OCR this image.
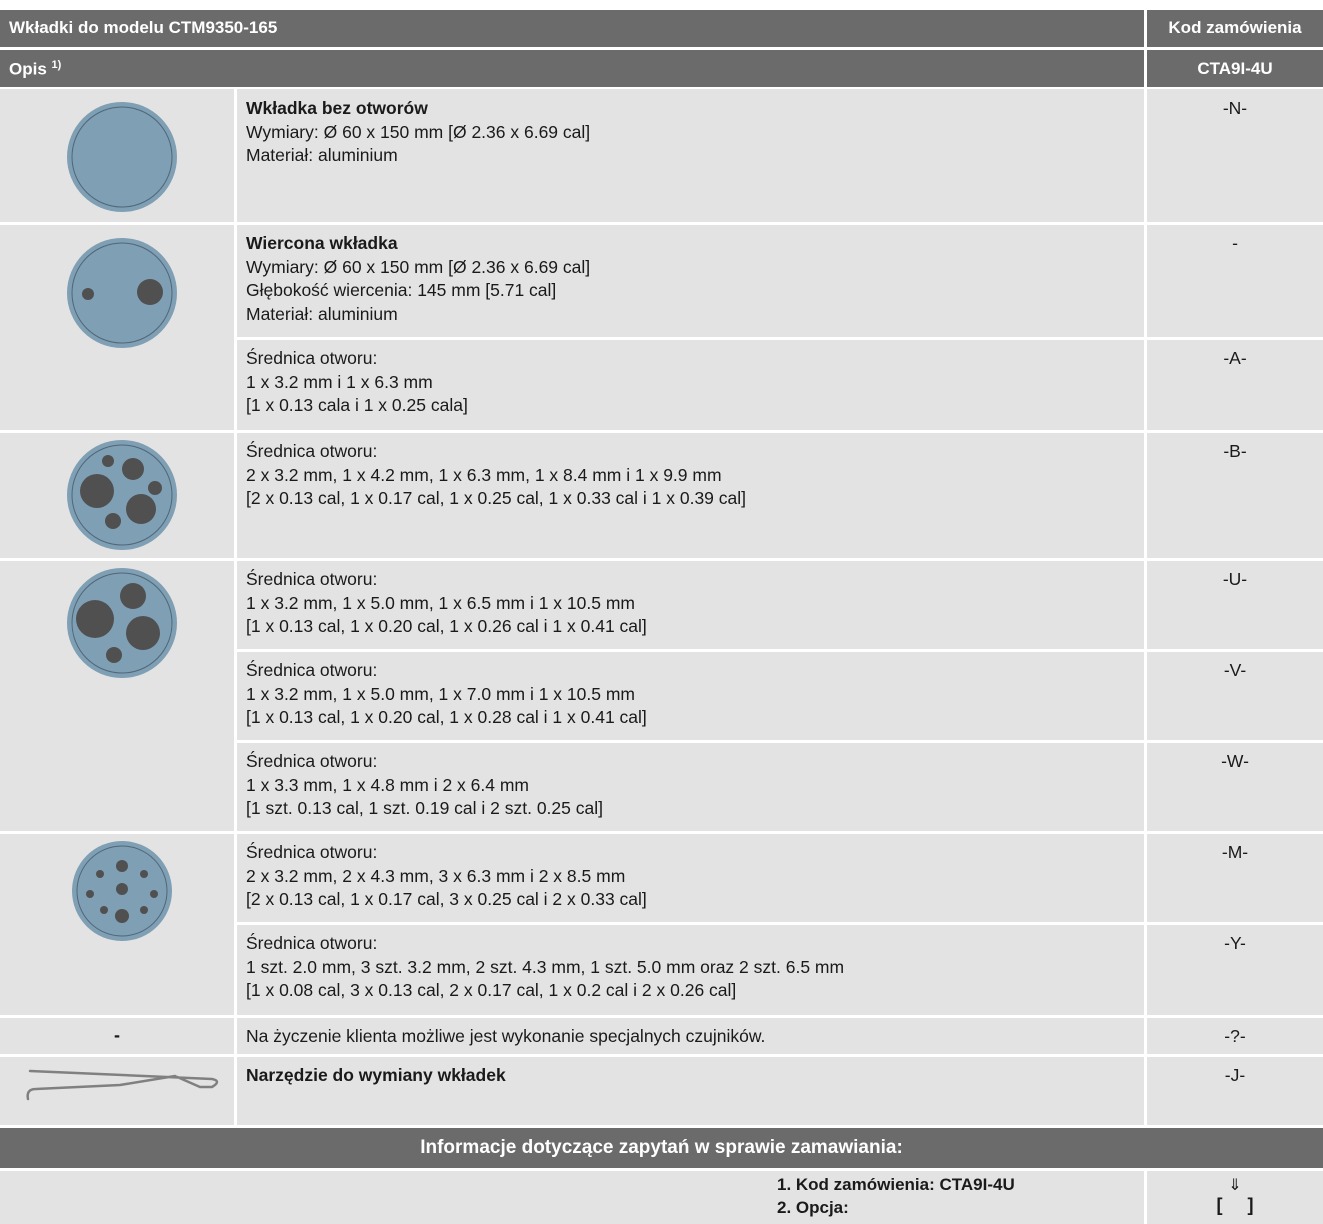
Wkładki do modelu CTM9350-165	Kod zamówienia
Opis $^{1)}$	CTA9I-4U
-
Wkładka bez otworów
Wymiary: Ø 60 x 150 mm [Ø 2.36 x 6.69 cal]
Materiał: aluminium
Wiercona wkładka
Wymiary: Ø 60 x 150 mm [Ø 2.36 x 6.69 cal]
Głębokość wiercenia: 145 mm [5.71 cal]
Materiał: aluminium
Średnica otworu:
1 x 3.2 mm i 1 x 6.3 mm
[1 x 0.13 cala i 1 x 0.25 cala]
Średnica otworu:
2 x 3.2 mm, 1 x 4.2 mm, 1 x 6.3 mm, 1 x 8.4 mm i 1 x 9.9 mm
[2 x 0.13 cal, 1 x 0.17 cal, 1 x 0.25 cal, 1 x 0.33 cal i 1 x 0.39 cal]
Średnica otworu:
1 x 3.2 mm, 1 x 5.0 mm, 1 x 6.5 mm i 1 x 10.5 mm
[1 x 0.13 cal, 1 x 0.20 cal, 1 x 0.26 cal i 1 x 0.41 cal]
Średnica otworu:
1 x 3.2 mm, 1 x 5.0 mm, 1 x 7.0 mm i 1 x 10.5 mm
[1 x 0.13 cal, 1 x 0.20 cal, 1 x 0.28 cal i 1 x 0.41 cal]
Średnica otworu:
1 x 3.3 mm, 1 x 4.8 mm i 2 x 6.4 mm
[1 szt. 0.13 cal, 1 szt. 0.19 cal i 2 szt. 0.25 cal]
Średnica otworu:
2 x 3.2 mm, 2 x 4.3 mm, 3 x 6.3 mm i 2 x 8.5 mm
[2 x 0.13 cal, 1 x 0.17 cal, 3 x 0.25 cal i 2 x 0.33 cal]
Średnica otworu:
1 szt. 2.0 mm, 3 szt. 3.2 mm, 2 szt. 4.3 mm, 1 szt. 5.0 mm oraz 2 szt. 6.5 mm
[1 x 0.08 cal, 3 x 0.13 cal, 2 x 0.17 cal, 1 x 0.2 cal i 2 x 0.26 cal]
Na życzenie klienta możliwe jest wykonanie specjalnych czujników.
Narzędzie do wymiany wkładek
-N-
-
-A-
-B-
-U-
-V-
-W-
-M-
-Y-
-?-
-J-
Informacje dotyczące zapytań w sprawie zamawiania:
1. Kod zamówienia: CTA9I-4U
2. Opcja:
⇓
[     ]
